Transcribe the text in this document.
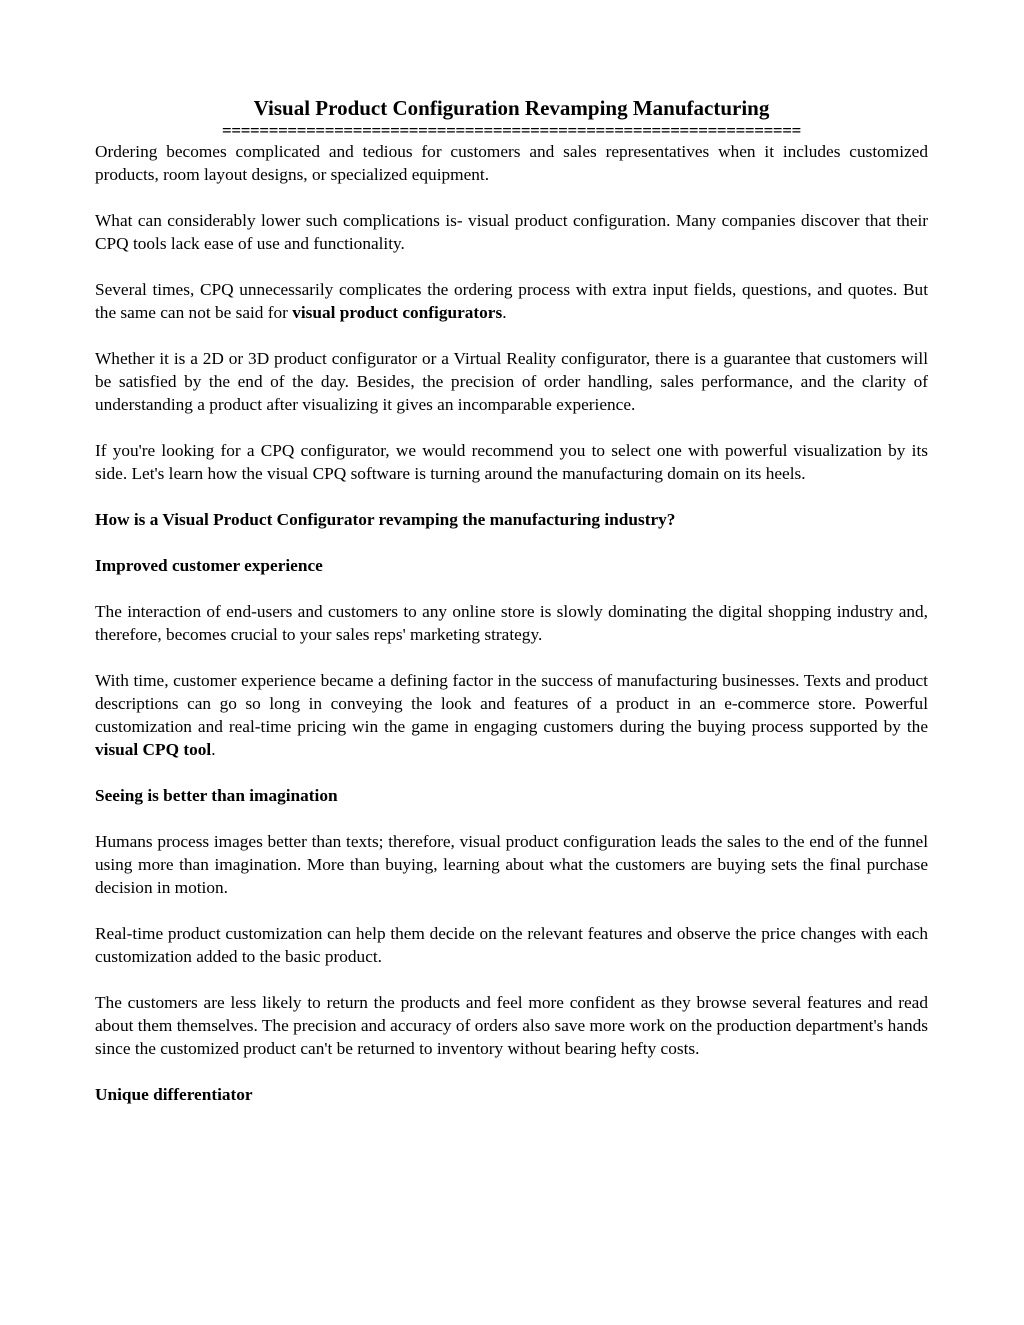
Visual Product Configuration Revamping Manufacturing
==============================================================

Ordering becomes complicated and tedious for customers and sales representatives when it includes customized products, room layout designs, or specialized equipment.

What can considerably lower such complications is- visual product configuration. Many companies discover that their CPQ tools lack ease of use and functionality.

Several times, CPQ unnecessarily complicates the ordering process with extra input fields, questions, and quotes. But the same can not be said for visual product configurators.

Whether it is a 2D or 3D product configurator or a Virtual Reality configurator, there is a guarantee that customers will be satisfied by the end of the day. Besides, the precision of order handling, sales performance, and the clarity of understanding a product after visualizing it gives an incomparable experience.

If you're looking for a CPQ configurator, we would recommend you to select one with powerful visualization by its side. Let's learn how the visual CPQ software is turning around the manufacturing domain on its heels.

How is a Visual Product Configurator revamping the manufacturing industry?
Improved customer experience

The interaction of end-users and customers to any online store is slowly dominating the digital shopping industry and, therefore, becomes crucial to your sales reps' marketing strategy.

With time, customer experience became a defining factor in the success of manufacturing businesses. Texts and product descriptions can go so long in conveying the look and features of a product in an e-commerce store. Powerful customization and real-time pricing win the game in engaging customers during the buying process supported by the visual CPQ tool.

Seeing is better than imagination

Humans process images better than texts; therefore, visual product configuration leads the sales to the end of the funnel using more than imagination. More than buying, learning about what the customers are buying sets the final purchase decision in motion.

Real-time product customization can help them decide on the relevant features and observe the price changes with each customization added to the basic product.

The customers are less likely to return the products and feel more confident as they browse several features and read about them themselves. The precision and accuracy of orders also save more work on the production department's hands since the customized product can't be returned to inventory without bearing hefty costs.

Unique differentiator
